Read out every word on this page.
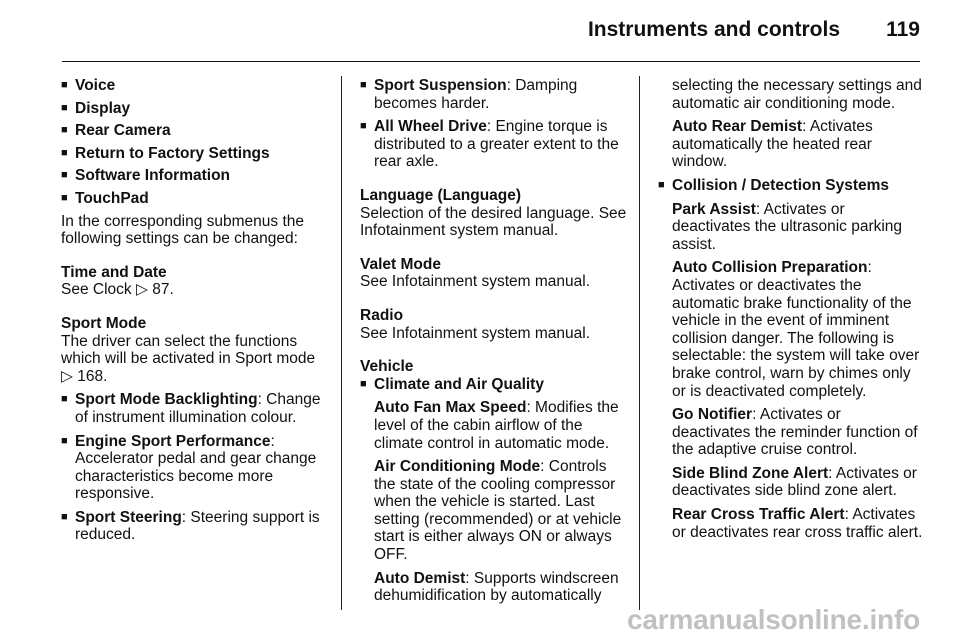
Instruments and controls 119
■ Voice
■ Display
■ Rear Camera
■ Return to Factory Settings
■ Software Information
■ TouchPad

In the corresponding submenus the following settings can be changed:

Time and Date

See Clock ▷ 87.

Sport Mode

The driver can select the functions which will be activated in Sport mode ▷ 168.

■ Sport Mode Backlighting: Change of instrument illumination colour.
■ Engine Sport Performance: Accelerator pedal and gear change characteristics become more responsive.
■ Sport Steering: Steering support is reduced.
■ Sport Suspension: Damping becomes harder.
■ All Wheel Drive: Engine torque is distributed to a greater extent to the rear axle.

Language (Language)

Selection of the desired language. See Infotainment system manual.

Valet Mode

See Infotainment system manual.

Radio

See Infotainment system manual.

Vehicle

■ Climate and Air Quality

Auto Fan Max Speed: Modifies the level of the cabin airflow of the climate control in automatic mode.

Air Conditioning Mode: Controls the state of the cooling compressor when the vehicle is started. Last setting (recommended) or at vehicle start is either always ON or always OFF.

Auto Demist: Supports windscreen dehumidification by automatically

selecting the necessary settings and automatic air conditioning mode.

Auto Rear Demist: Activates automatically the heated rear window.

■ Collision / Detection Systems

Park Assist: Activates or deactivates the ultrasonic parking assist.

Auto Collision Preparation: Activates or deactivates the automatic brake functionality of the vehicle in the event of imminent collision danger. The following is selectable: the system will take over brake control, warn by chimes only or is deactivated completely.

Go Notifier: Activates or deactivates the reminder function of the adaptive cruise control.

Side Blind Zone Alert: Activates or deactivates side blind zone alert.

Rear Cross Traffic Alert: Activates or deactivates rear cross traffic alert.

carmanualsonline.info
